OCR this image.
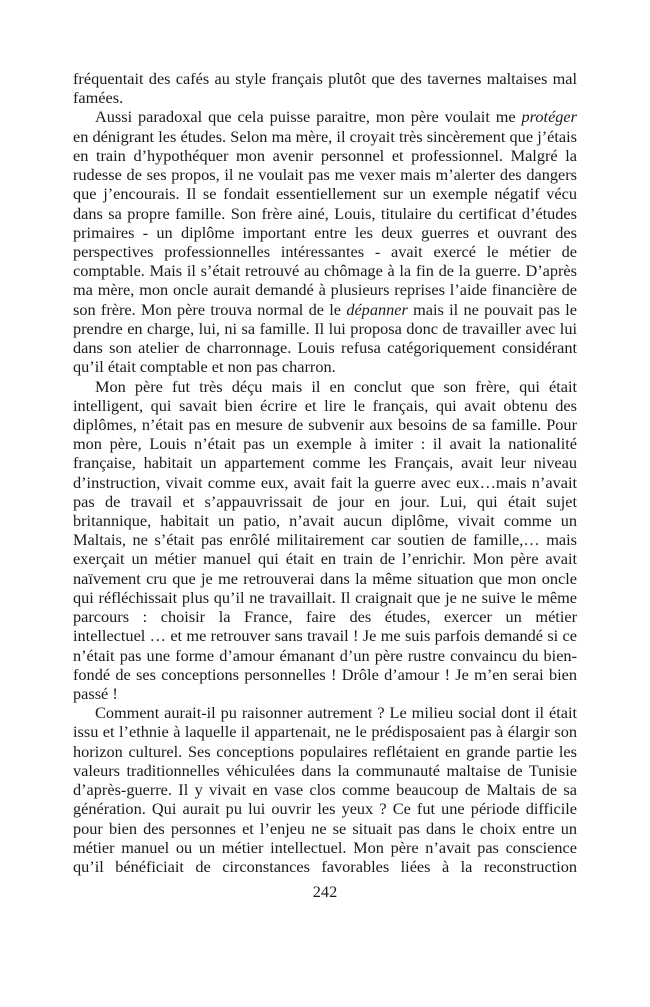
fréquentait des cafés au style français plutôt que des tavernes maltaises mal
famées.
Aussi paradoxal que cela puisse paraitre, mon père voulait me protéger
en dénigrant les études. Selon ma mère, il croyait très sincèrement que j’étais
en train d’hypothéquer mon avenir personnel et professionnel. Malgré la
rudesse de ses propos, il ne voulait pas me vexer mais m’alerter des dangers
que j’encourais. Il se fondait essentiellement sur un exemple négatif vécu
dans sa propre famille. Son frère ainé, Louis, titulaire du certificat d’études
primaires - un diplôme important entre les deux guerres et ouvrant des
perspectives professionnelles intéressantes - avait exercé le métier de
comptable. Mais il s’était retrouvé au chômage à la fin de la guerre. D’après
ma mère, mon oncle aurait demandé à plusieurs reprises l’aide financière de
son frère. Mon père trouva normal de le dépanner mais il ne pouvait pas le
prendre en charge, lui, ni sa famille. Il lui proposa donc de travailler avec lui
dans son atelier de charronnage. Louis refusa catégoriquement considérant
qu’il était comptable et non pas charron.
Mon père fut très déçu mais il en conclut que son frère, qui était
intelligent, qui savait bien écrire et lire le français, qui avait obtenu des
diplômes, n’était pas en mesure de subvenir aux besoins de sa famille. Pour
mon père, Louis n’était pas un exemple à imiter : il avait la nationalité
française, habitait un appartement comme les Français, avait leur niveau
d’instruction, vivait comme eux, avait fait la guerre avec eux…mais n’avait
pas de travail et s’appauvrissait de jour en jour. Lui, qui était sujet
britannique, habitait un patio, n’avait aucun diplôme, vivait comme un
Maltais, ne s’était pas enrôlé militairement car soutien de famille,… mais
exerçait un métier manuel qui était en train de l’enrichir. Mon père avait
naïvement cru que je me retrouverai dans la même situation que mon oncle
qui réfléchissait plus qu’il ne travaillait. Il craignait que je ne suive le même
parcours : choisir la France, faire des études, exercer un métier
intellectuel … et me retrouver sans travail ! Je me suis parfois demandé si ce
n’était pas une forme d’amour émanant d’un père rustre convaincu du bien-
fondé de ses conceptions personnelles ! Drôle d’amour ! Je m’en serai bien
passé !
Comment aurait-il pu raisonner autrement ? Le milieu social dont il était
issu et l’ethnie à laquelle il appartenait, ne le prédisposaient pas à élargir son
horizon culturel. Ses conceptions populaires reflétaient en grande partie les
valeurs traditionnelles véhiculées dans la communauté maltaise de Tunisie
d’après-guerre. Il y vivait en vase clos comme beaucoup de Maltais de sa
génération. Qui aurait pu lui ouvrir les yeux ? Ce fut une période difficile
pour bien des personnes et l’enjeu ne se situait pas dans le choix entre un
métier manuel ou un métier intellectuel. Mon père n’avait pas conscience
qu’il bénéficiait de circonstances favorables liées à la reconstruction
242
